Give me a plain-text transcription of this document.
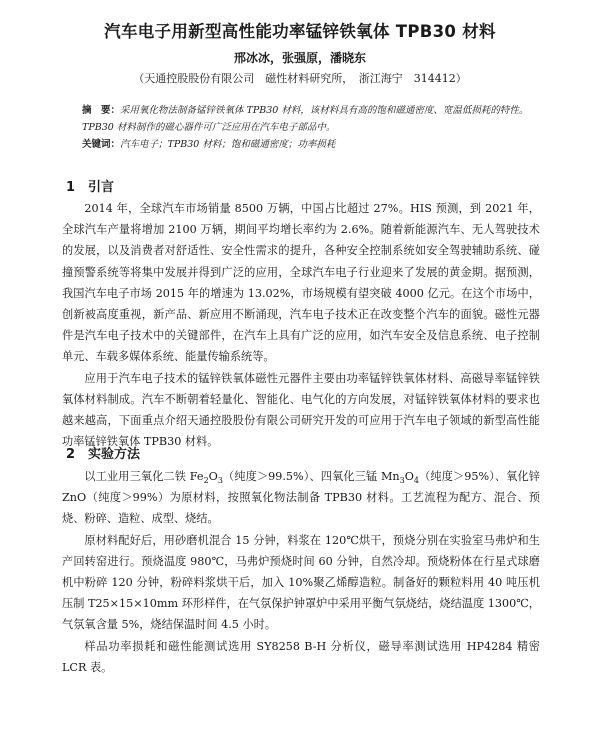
汽车电子用新型高性能功率锰锌铁氧体 TPB30 材料
邢冰冰，张强原，潘晓东
（天通控股股份有限公司　磁性材料研究所，　浙江海宁　314412）
摘　要：采用氧化物法制备锰锌铁氧体 TPB30 材料，该材料具有高的饱和磁通密度、宽温低损耗的特性。TPB30 材料制作的磁心器件可广泛应用在汽车电子部品中。
关键词：汽车电子；TPB30 材料；饱和磁通密度；功率损耗
1 引言

2014 年，全球汽车市场销量 8500 万辆，中国占比超过 27%。HIS 预测，到 2021 年，全球汽车产量将增加 2100 万辆，期间平均增长率约为 2.6%。随着新能源汽车、无人驾驶技术的发展，以及消费者对舒适性、安全性需求的提升，各种安全控制系统如安全驾驶辅助系统、碰撞预警系统等将集中发展并得到广泛的应用，全球汽车电子行业迎来了发展的黄金期。据预测，我国汽车电子市场 2015 年的增速为 13.02%，市场规模有望突破 4000 亿元。在这个市场中，创新被高度重视，新产品、新应用不断涌现，汽车电子技术正在改变整个汽车的面貌。磁性元器件是汽车电子技术中的关键部件，在汽车上具有广泛的应用，如汽车安全及信息系统、电子控制单元、车载多媒体系统、能量传输系统等。

应用于汽车电子技术的锰锌铁氧体磁性元器件主要由功率锰锌铁氧体材料、高磁导率锰锌铁氧体材料制成。汽车不断朝着轻量化、智能化、电气化的方向发展，对锰锌铁氧体材料的要求也越来越高，下面重点介绍天通控股股份有限公司研究开发的可应用于汽车电子领域的新型高性能功率锰锌铁氧体 TPB30 材料。

2 实验方法

以工业用三氧化二铁 $Fe_2O_3$（纯度＞99.5%）、四氧化三锰 $Mn_3O_4$（纯度＞95%）、氧化锌 ZnO（纯度＞99%）为原材料，按照氧化物法制备 TPB30 材料。工艺流程为配方、混合、预烧、粉碎、造粒、成型、烧结。

原材料配好后，用砂磨机混合 15 分钟，料浆在 120℃烘干，预烧分别在实验室马弗炉和生产回转窑进行。预烧温度 980℃，马弗炉预烧时间 60 分钟，自然冷却。预烧粉体在行星式球磨机中粉碎 120 分钟，粉碎料浆烘干后，加入 10%聚乙烯醇造粒。制备好的颗粒料用 40 吨压机压制 T25×15×10mm 环形样件，在气氛保护钟罩炉中采用平衡气氛烧结，烧结温度 1300℃，气氛氧含量 5%，烧结保温时间 4.5 小时。

样品功率损耗和磁性能测试选用 SY8258 B-H 分析仪，磁导率测试选用 HP4284 精密 LCR 表。
